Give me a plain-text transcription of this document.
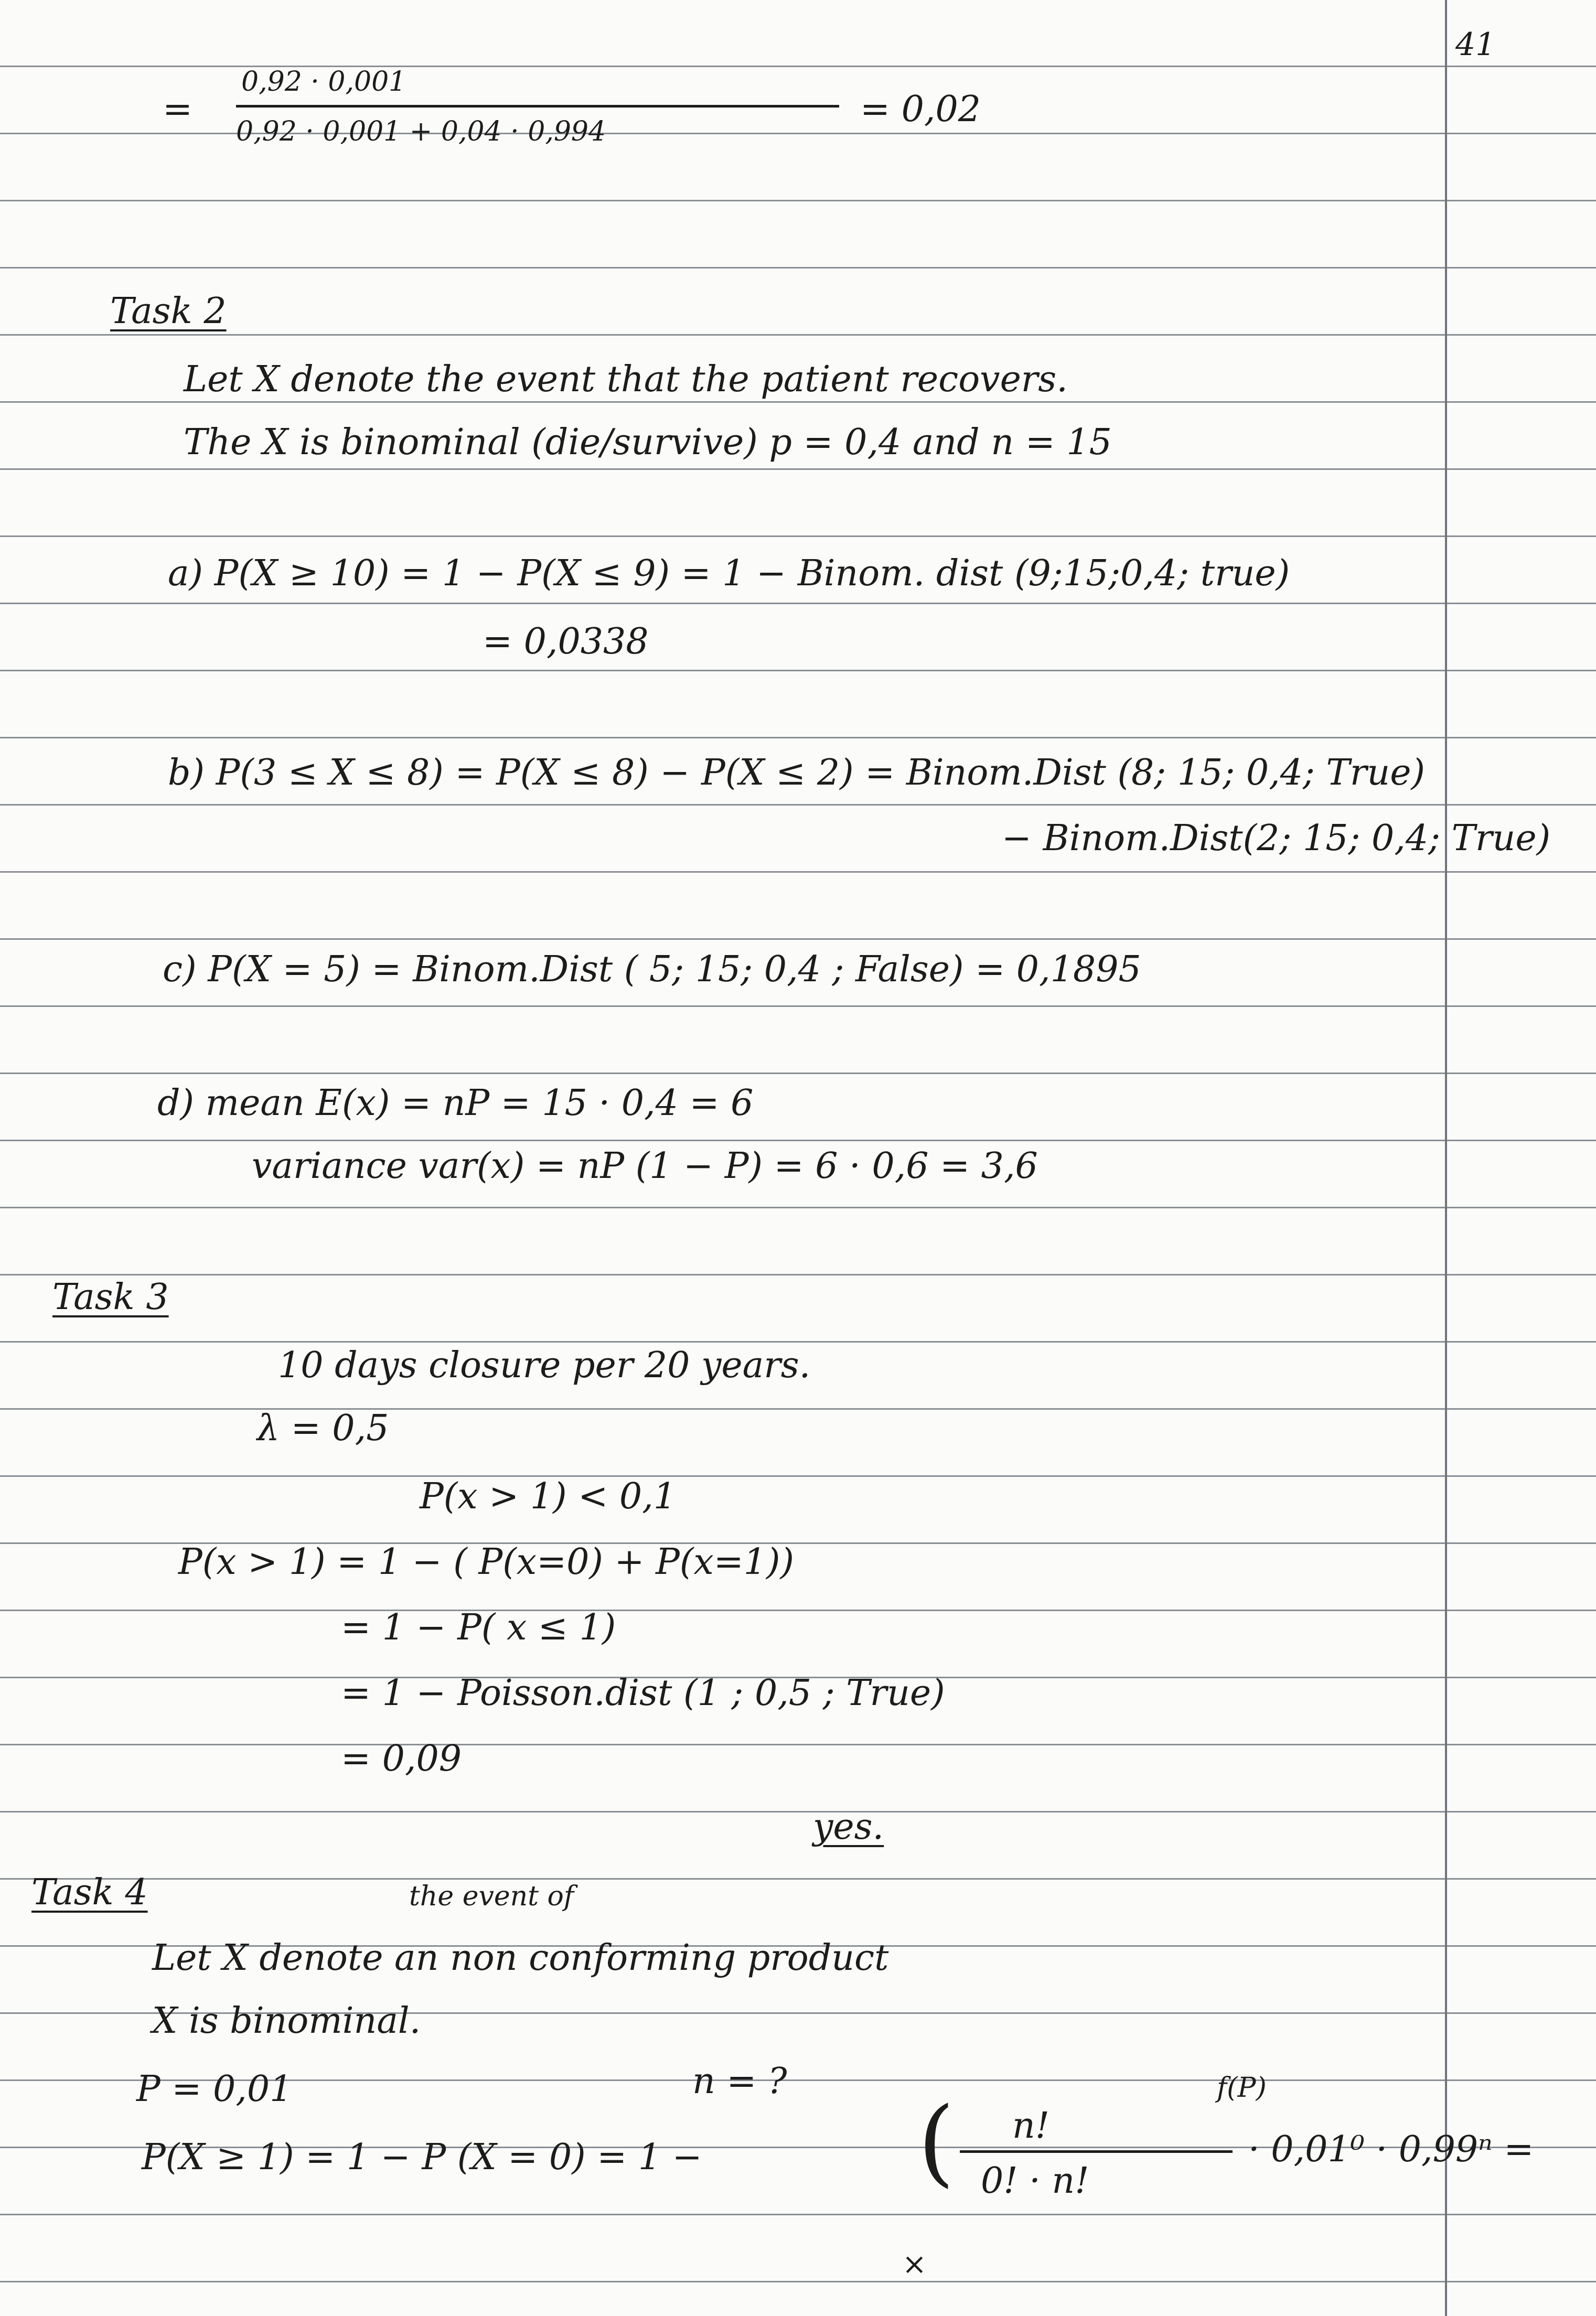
41
=
0,92 · 0,001
0,92 · 0,001 + 0,04 · 0,994
= 0,02
Task 2
Let X denote the event that the patient recovers.
The X is binominal (die/survive) p = 0,4 and n = 15
a) P(X ≥ 10) = 1 − P(X ≤ 9) = 1 − Binom. dist (9;15;0,4; true)
= 0,0338
b) P(3 ≤ X ≤ 8) = P(X ≤ 8) − P(X ≤ 2) = Binom.Dist (8; 15; 0,4; True)
− Binom.Dist(2; 15; 0,4; True)
c) P(X = 5) = Binom.Dist ( 5; 15; 0,4 ; False) = 0,1895
d) mean E(x) = nP = 15 · 0,4 = 6
variance var(x) = nP (1 − P) = 6 · 0,6 = 3,6
Task 3
10 days closure per 20 years.
λ = 0,5
P(x > 1) < 0,1
P(x > 1) = 1 − ( P(x=0) + P(x=1))
= 1 − P( x ≤ 1)
= 1 − Poisson.dist (1 ; 0,5 ; True)
= 0,09
yes.
Task 4	the event of
Let X denote an non conforming product
X is binominal.
P = 0,01	n = ?
P(X ≥ 1) = 1 − P (X = 0) = 1 − ( n!
0! · n!
f(P)
· 0,01⁰ · 0,99ⁿ =
×
